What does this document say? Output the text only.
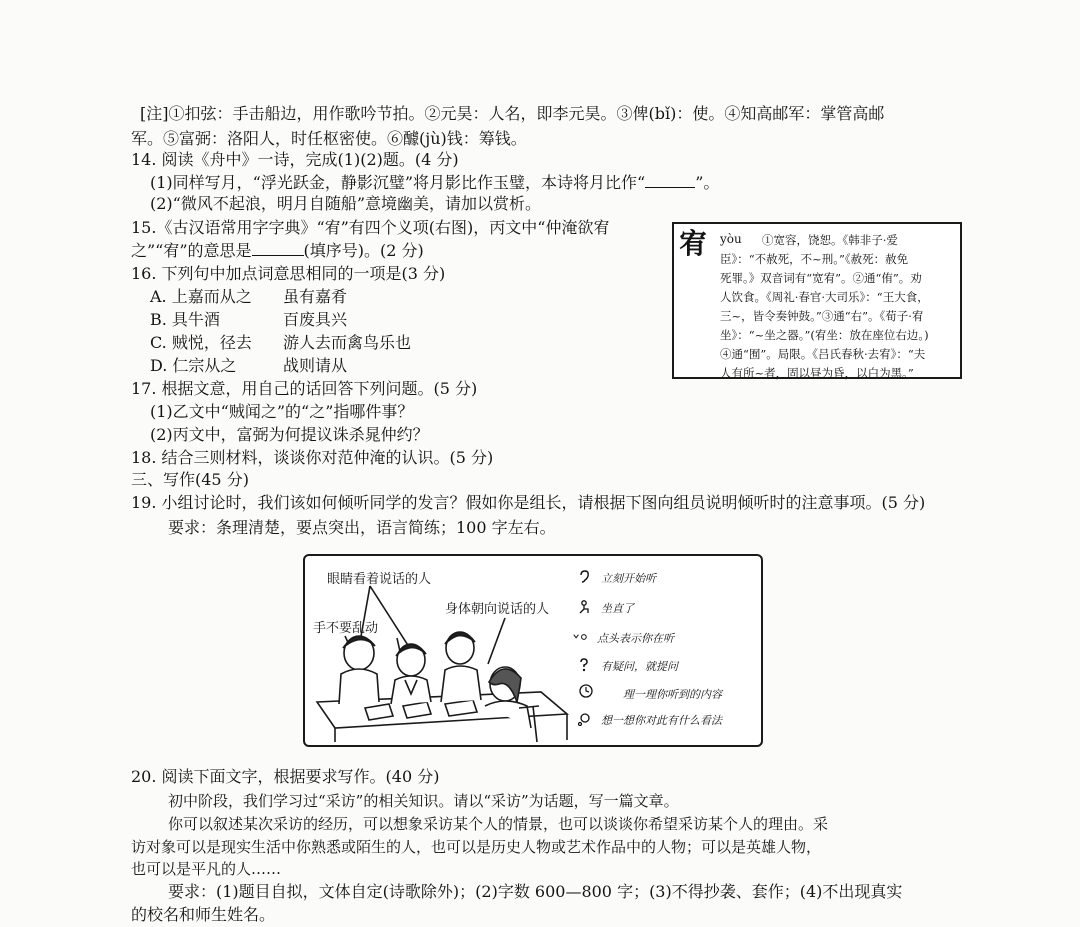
[注]①扣弦：手击船边，用作歌吟节拍。②元昊：人名，即李元昊。③俾(bǐ)：使。④知高邮军：掌管高邮
军。⑤富弼：洛阳人，时任枢密使。⑥醵(jù)钱：筹钱。
14. 阅读《舟中》一诗，完成(1)(2)题。(4 分)
(1)同样写月，“浮光跃金，静影沉璧”将月影比作玉璧，本诗将月比作“	”。
(2)“微风不起浪，明月自随船”意境幽美，请加以赏析。
15.《古汉语常用字字典》“宥”有四个义项(右图)，丙文中“仲淹欲宥
之”“宥”的意思是	(填序号)。(2 分)	宥 yòu ①宽容，饶恕。《韩非子·爱
臣》：“不赦死，不~刑。”《赦死：赦免
死罪。》双音词有“宽宥”。②通“侑”。劝
人饮食。《周礼·春官·大司乐》：“王大食，
三~，皆令奏钟鼓。”③通“右”。《荀子·宥
坐》：“~坐之器。”(宥坐：放在座位右边。)
④通“囿”。局限。《吕氏春秋·去宥》：“夫
人有所~者，固以昼为昏，以白为黑。”
16. 下列句中加点词意思相同的一项是(3 分)
A. 上嘉而从之 虽有嘉肴
B. 具牛酒	百废具兴
C. 贼悦，径去 游人去而禽鸟乐也
D. 仁宗从之	战则请从
17. 根据文意，用自己的话回答下列问题。(5 分)
(1)乙文中“贼闻之”的“之”指哪件事？
(2)丙文中，富弼为何提议诛杀晁仲约？
18. 结合三则材料，谈谈你对范仲淹的认识。(5 分)
三、写作(45 分)
19. 小组讨论时，我们该如何倾听同学的发言？假如你是组长，请根据下图向组员说明倾听时的注意事项。(5 分)
要求：条理清楚，要点突出，语言简练；100 字左右。
眼睛看着说话的人
身体朝向说话的人
手不要乱动
立刻开始听
坐直了
点头表示你在听
有疑问，就提问
理一理你听到的内容
想一想你对此有什么看法
20. 阅读下面文字，根据要求写作。(40 分)
初中阶段，我们学习过“采访”的相关知识。请以“采访”为话题，写一篇文章。
你可以叙述某次采访的经历，可以想象采访某个人的情景，也可以谈谈你希望采访某个人的理由。采
访对象可以是现实生活中你熟悉或陌生的人，也可以是历史人物或艺术作品中的人物；可以是英雄人物，
也可以是平凡的人……
要求：(1)题目自拟，文体自定(诗歌除外)；(2)字数 600—800 字；(3)不得抄袭、套作；(4)不出现真实
的校名和师生姓名。
